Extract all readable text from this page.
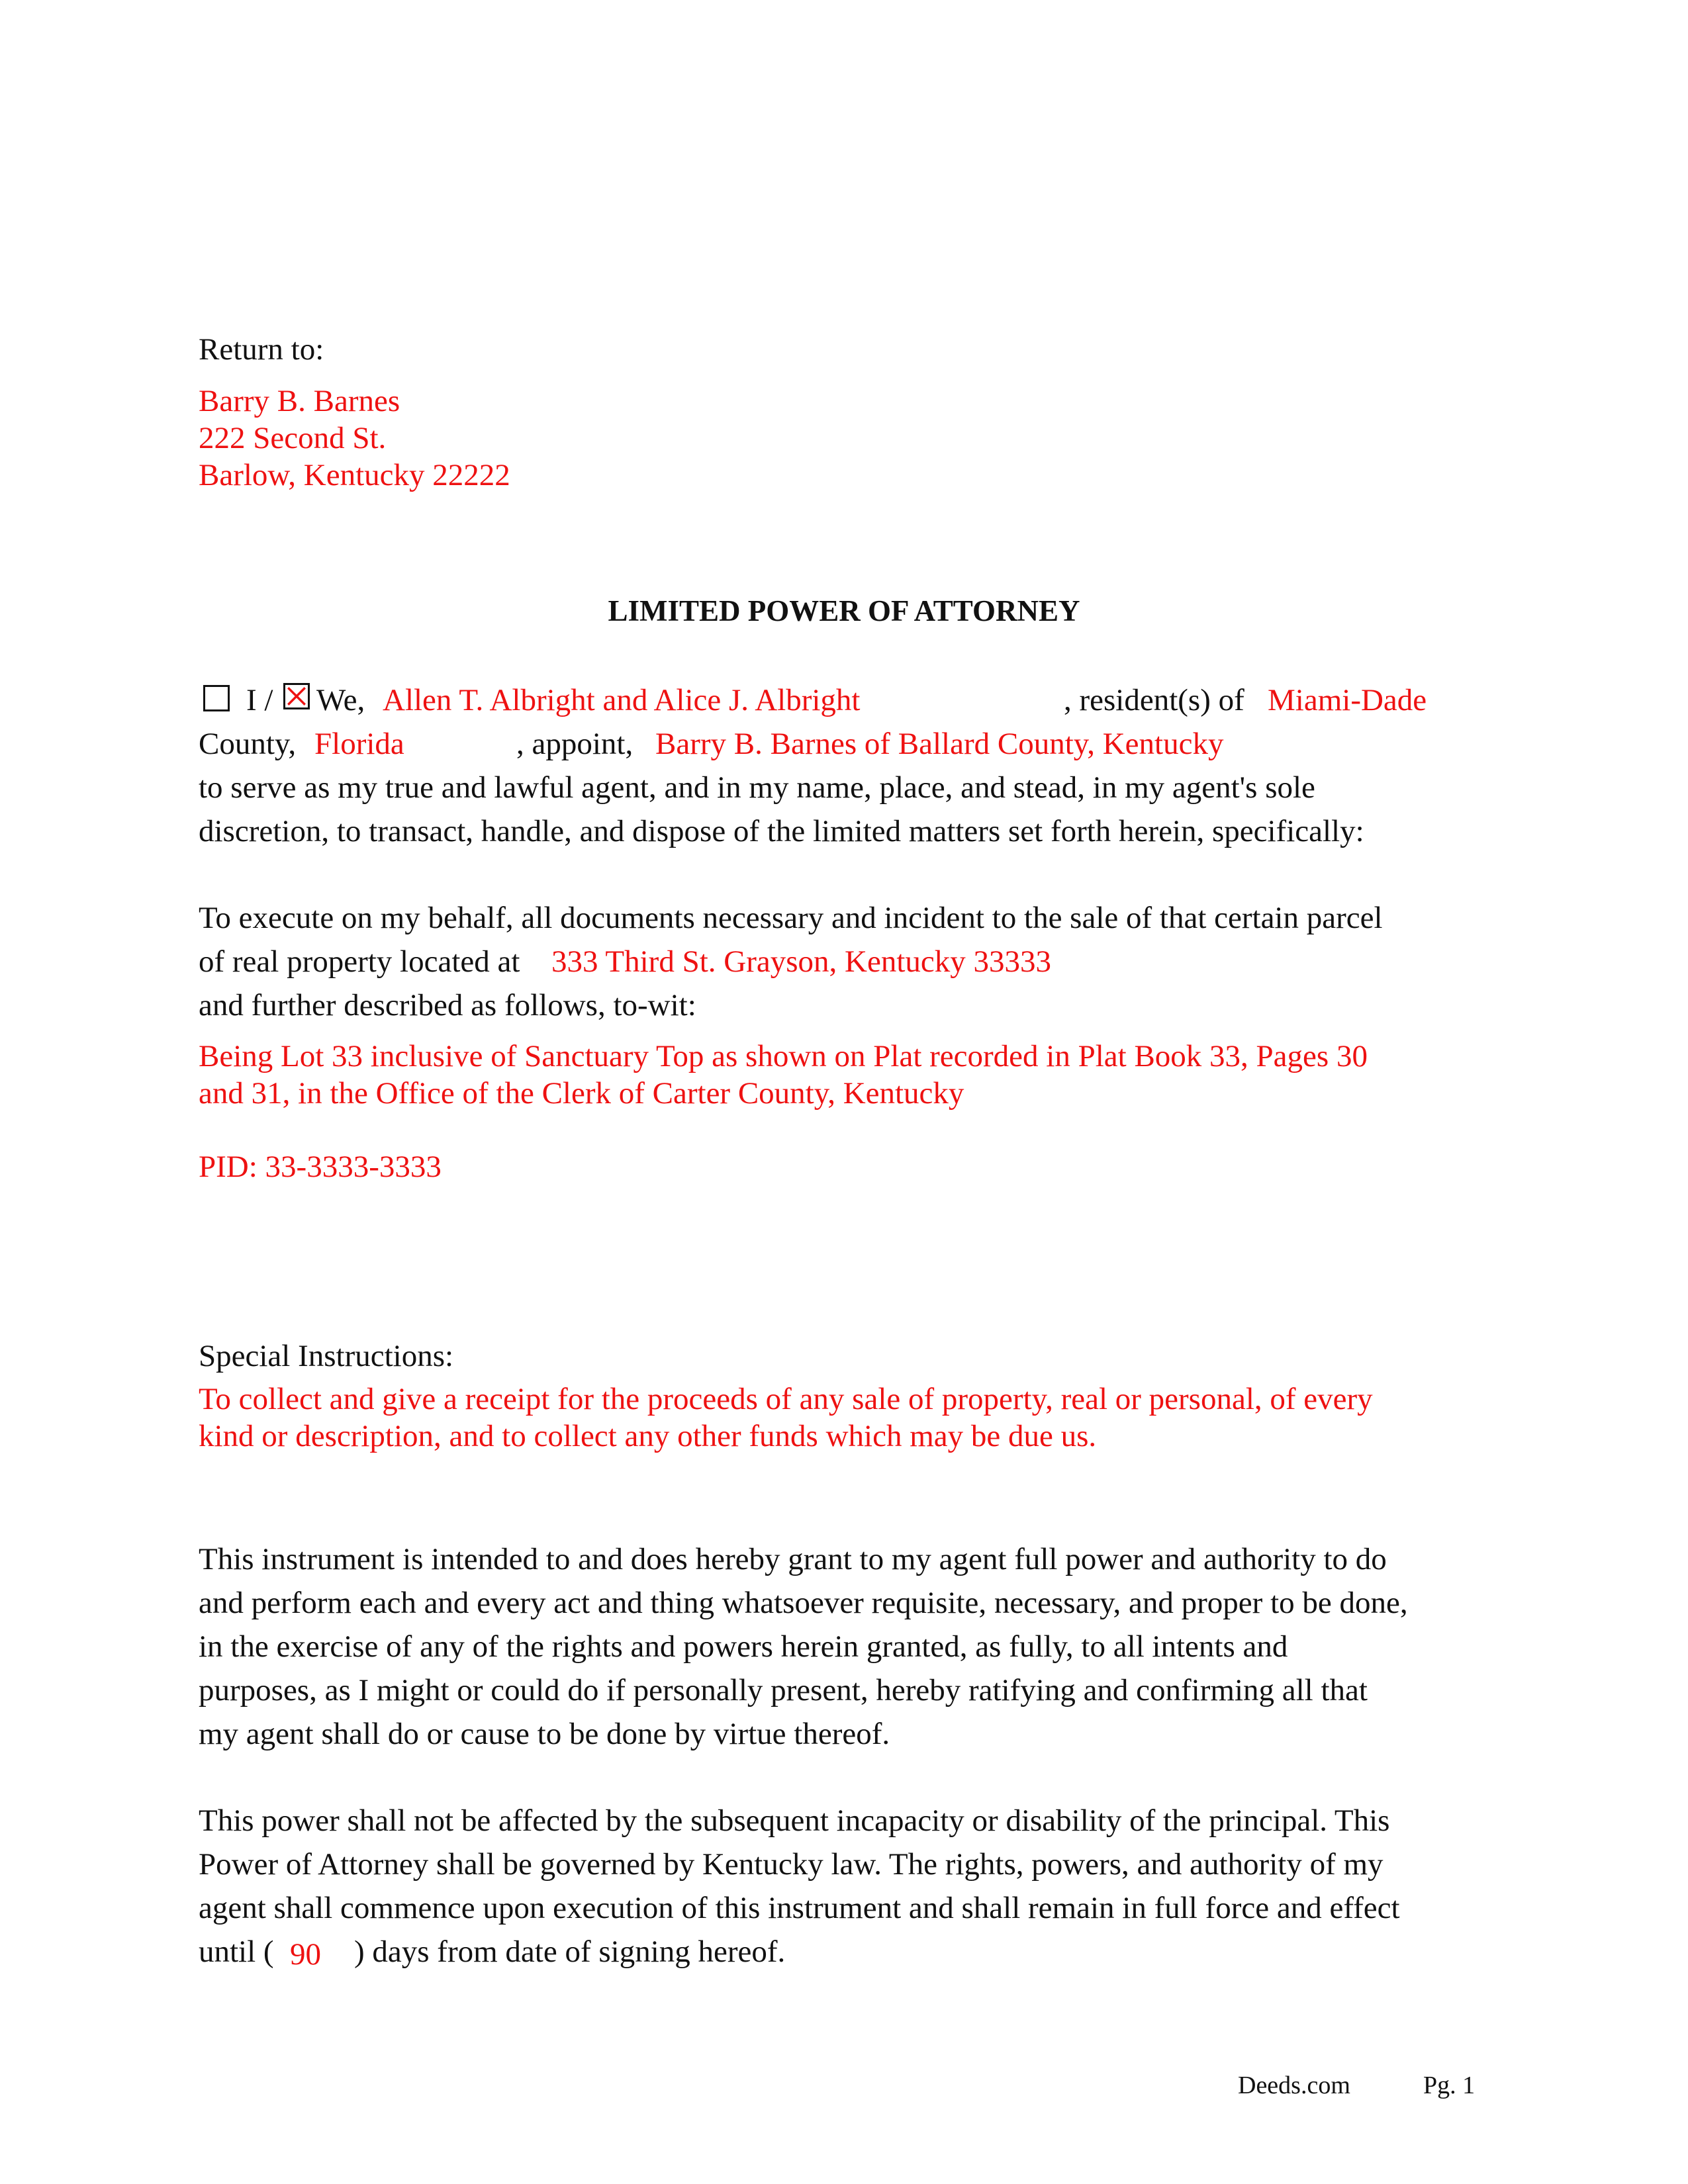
Return to:
Barry B. Barnes
222 Second St.
Barlow, Kentucky 22222
LIMITED POWER OF ATTORNEY
I / We, Allen T. Albright and Alice J. Albright	, resident(s) of Miami-Dade
County, Florida	, appoint, Barry B. Barnes of Ballard County, Kentucky
to serve as my true and lawful agent, and in my name, place, and stead, in my agent's sole
discretion, to transact, handle, and dispose of the limited matters set forth herein, specifically:
To execute on my behalf, all documents necessary and incident to the sale of that certain parcel
of real property located at 333 Third St. Grayson, Kentucky 33333
and further described as follows, to-wit:
Being Lot 33 inclusive of Sanctuary Top as shown on Plat recorded in Plat Book 33, Pages 30
and 31, in the Office of the Clerk of Carter County, Kentucky
PID: 33-3333-3333
Special Instructions:
To collect and give a receipt for the proceeds of any sale of property, real or personal, of every
kind or description, and to collect any other funds which may be due us.
This instrument is intended to and does hereby grant to my agent full power and authority to do
and perform each and every act and thing whatsoever requisite, necessary, and proper to be done,
in the exercise of any of the rights and powers herein granted, as fully, to all intents and
purposes, as I might or could do if personally present, hereby ratifying and confirming all that
my agent shall do or cause to be done by virtue thereof.
This power shall not be affected by the subsequent incapacity or disability of the principal. This
Power of Attorney shall be governed by Kentucky law. The rights, powers, and authority of my
agent shall commence upon execution of this instrument and shall remain in full force and effect
until ( 90 ) days from date of signing hereof.
Deeds.com	Pg. 1
